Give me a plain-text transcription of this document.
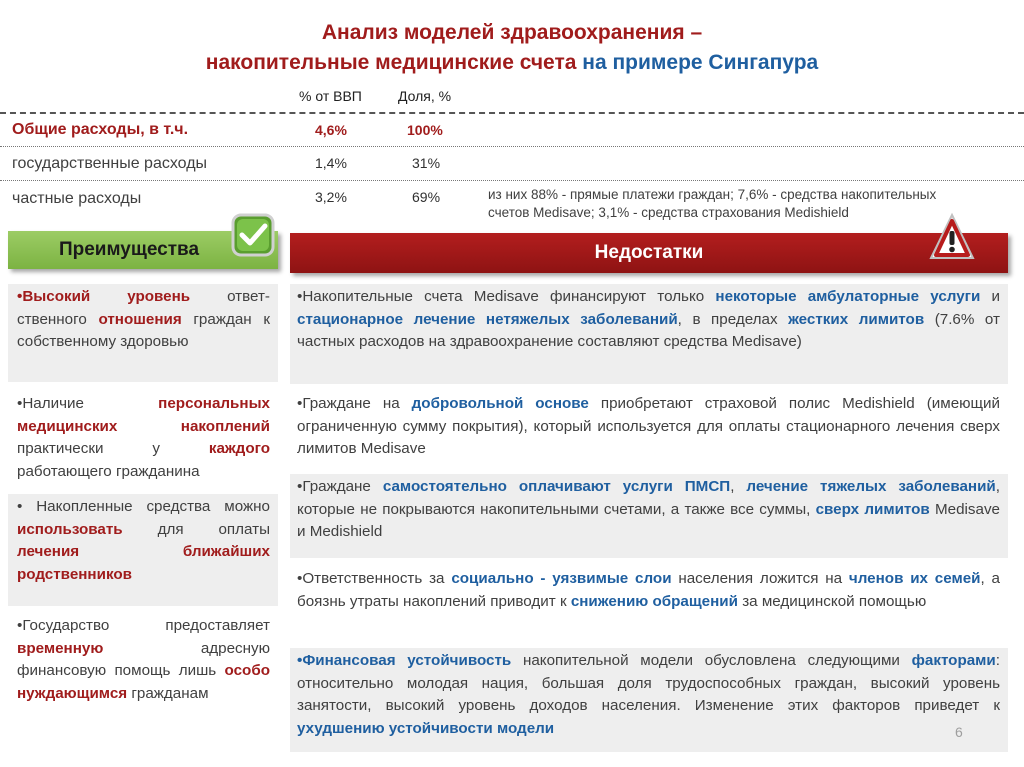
Анализ моделей здравоохранения –
накопительные медицинские счета на примере Сингапура
% от ВВП	Доля, %
Общие расходы, в т.ч.	4,6%	100%
государственные расходы	1,4%	31%
частные расходы	3,2%	69%	из них 88% - прямые платежи граждан; 7,6% - средства накопительных
счетов Medisave; 3,1% - средства страхования Medishield
Преимущества	Недостатки
•Высокий уровень ответ-ственного отношения граждан к собственному здоровью
•Наличие персональных медицинских накоплений практически у каждого работающего гражданина
• Накопленные средства можно использовать для оплаты лечения ближайших родственников
•Государство предоставляет временную адресную финансовую помощь лишь особо нуждающимся гражданам
•Накопительные счета Medisave финансируют только некоторые амбулаторные услуги и стационарное лечение нетяжелых заболеваний, в пределах жестких лимитов (7.6% от частных расходов на здравоохранение составляют средства Medisave)
•Граждане на добровольной основе приобретают страховой полис Medishield (имеющий ограниченную сумму покрытия), который используется для оплаты стационарного лечения сверх лимитов Medisave
•Граждане самостоятельно оплачивают услуги ПМСП, лечение тяжелых заболеваний, которые не покрываются накопительными счетами, а также все суммы, сверх лимитов Medisave и Medishield
•Ответственность за социально - уязвимые слои населения ложится на членов их семей, а боязнь утраты накоплений приводит к снижению обращений за медицинской помощью
•Финансовая устойчивость накопительной модели обусловлена следующими факторами: относительно молодая нация, большая доля трудоспособных граждан, высокий уровень занятости, высокий уровень доходов населения. Изменение этих факторов приведет к ухудшению устойчивости модели	6
